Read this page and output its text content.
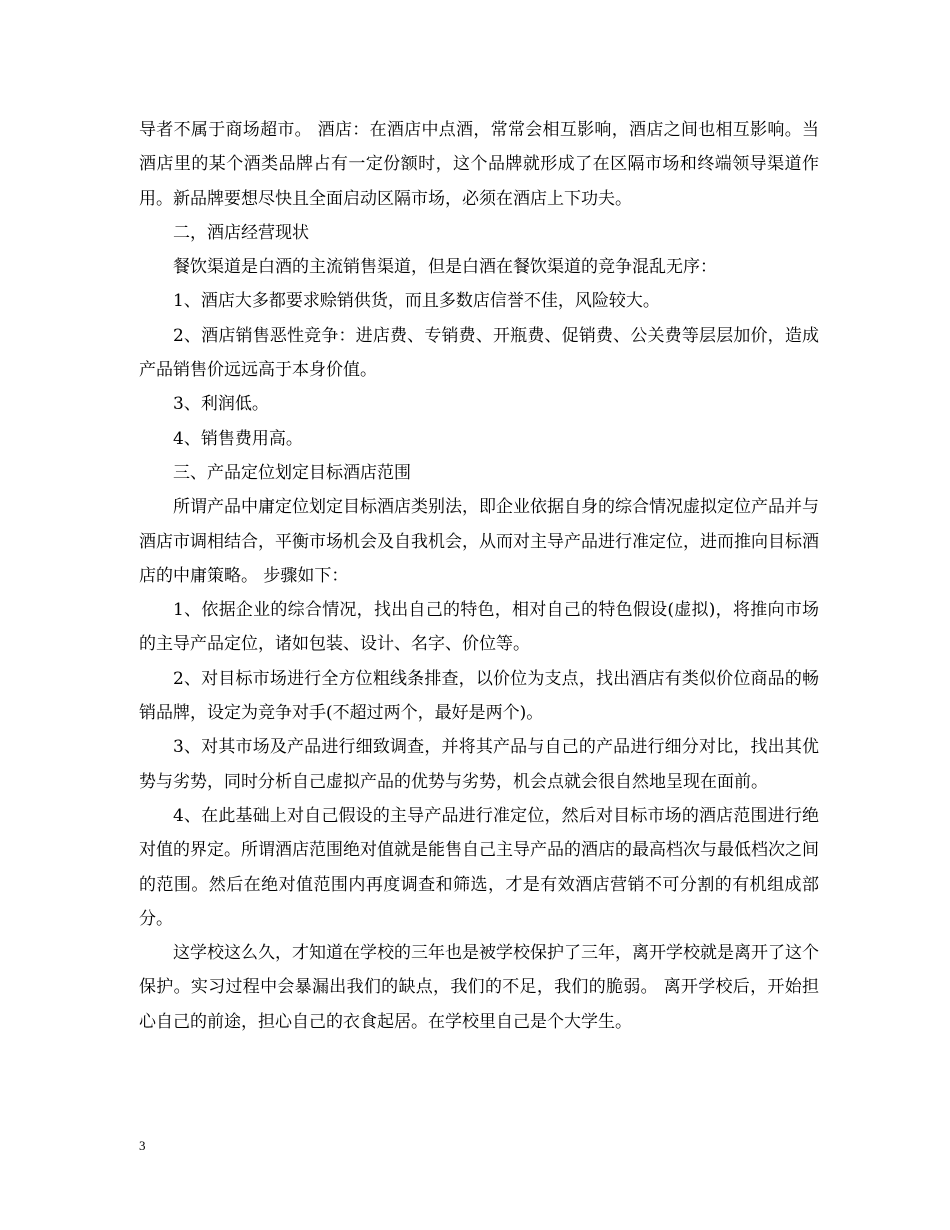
导者不属于商场超市。 酒店：在酒店中点酒，常常会相互影响，酒店之间也相互影响。当酒店里的某个酒类品牌占有一定份额时，这个品牌就形成了在区隔市场和终端领导渠道作用。新品牌要想尽快且全面启动区隔市场，必须在酒店上下功夫。

二，酒店经营现状

餐饮渠道是白酒的主流销售渠道，但是白酒在餐饮渠道的竞争混乱无序：

1、酒店大多都要求赊销供货，而且多数店信誉不佳，风险较大。

2、酒店销售恶性竞争：进店费、专销费、开瓶费、促销费、公关费等层层加价，造成产品销售价远远高于本身价值。

3、利润低。

4、销售费用高。

三、产品定位划定目标酒店范围

所谓产品中庸定位划定目标酒店类别法，即企业依据自身的综合情况虚拟定位产品并与酒店市调相结合，平衡市场机会及自我机会，从而对主导产品进行准定位，进而推向目标酒店的中庸策略。 步骤如下：

1、依据企业的综合情况，找出自己的特色，相对自己的特色假设(虚拟)，将推向市场的主导产品定位，诸如包装、设计、名字、价位等。

2、对目标市场进行全方位粗线条排查，以价位为支点，找出酒店有类似价位商品的畅销品牌，设定为竞争对手(不超过两个，最好是两个)。

3、对其市场及产品进行细致调查，并将其产品与自己的产品进行细分对比，找出其优势与劣势，同时分析自己虚拟产品的优势与劣势，机会点就会很自然地呈现在面前。

4、在此基础上对自己假设的主导产品进行准定位，然后对目标市场的酒店范围进行绝对值的界定。所谓酒店范围绝对值就是能售自己主导产品的酒店的最高档次与最低档次之间的范围。然后在绝对值范围内再度调查和筛选，才是有效酒店营销不可分割的有机组成部分。

这学校这么久，才知道在学校的三年也是被学校保护了三年，离开学校就是离开了这个保护。实习过程中会暴漏出我们的缺点，我们的不足，我们的脆弱。 离开学校后，开始担心自己的前途，担心自己的衣食起居。在学校里自己是个大学生。

3
